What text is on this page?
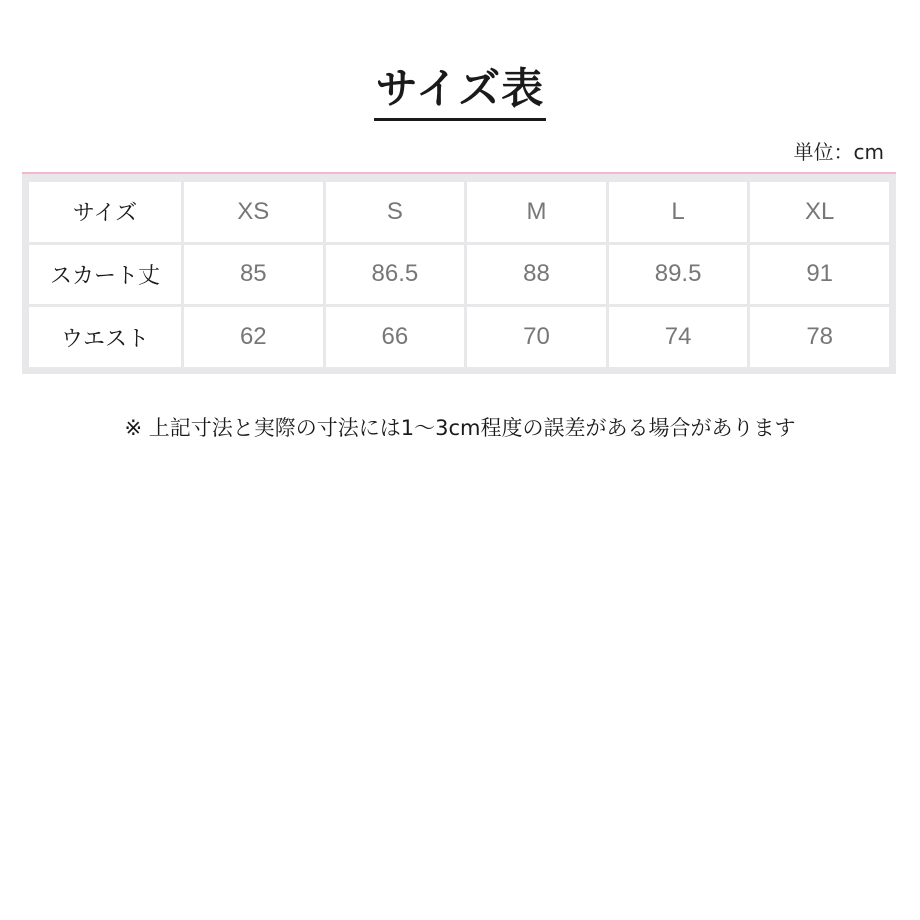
サイズ表
単位：cm
サイズ	XS	S	M	L	XL
スカート丈	85	86.5	88	89.5	91
ウエスト	62	66	70	74	78
※ 上記寸法と実際の寸法には1〜3cm程度の誤差がある場合があります
